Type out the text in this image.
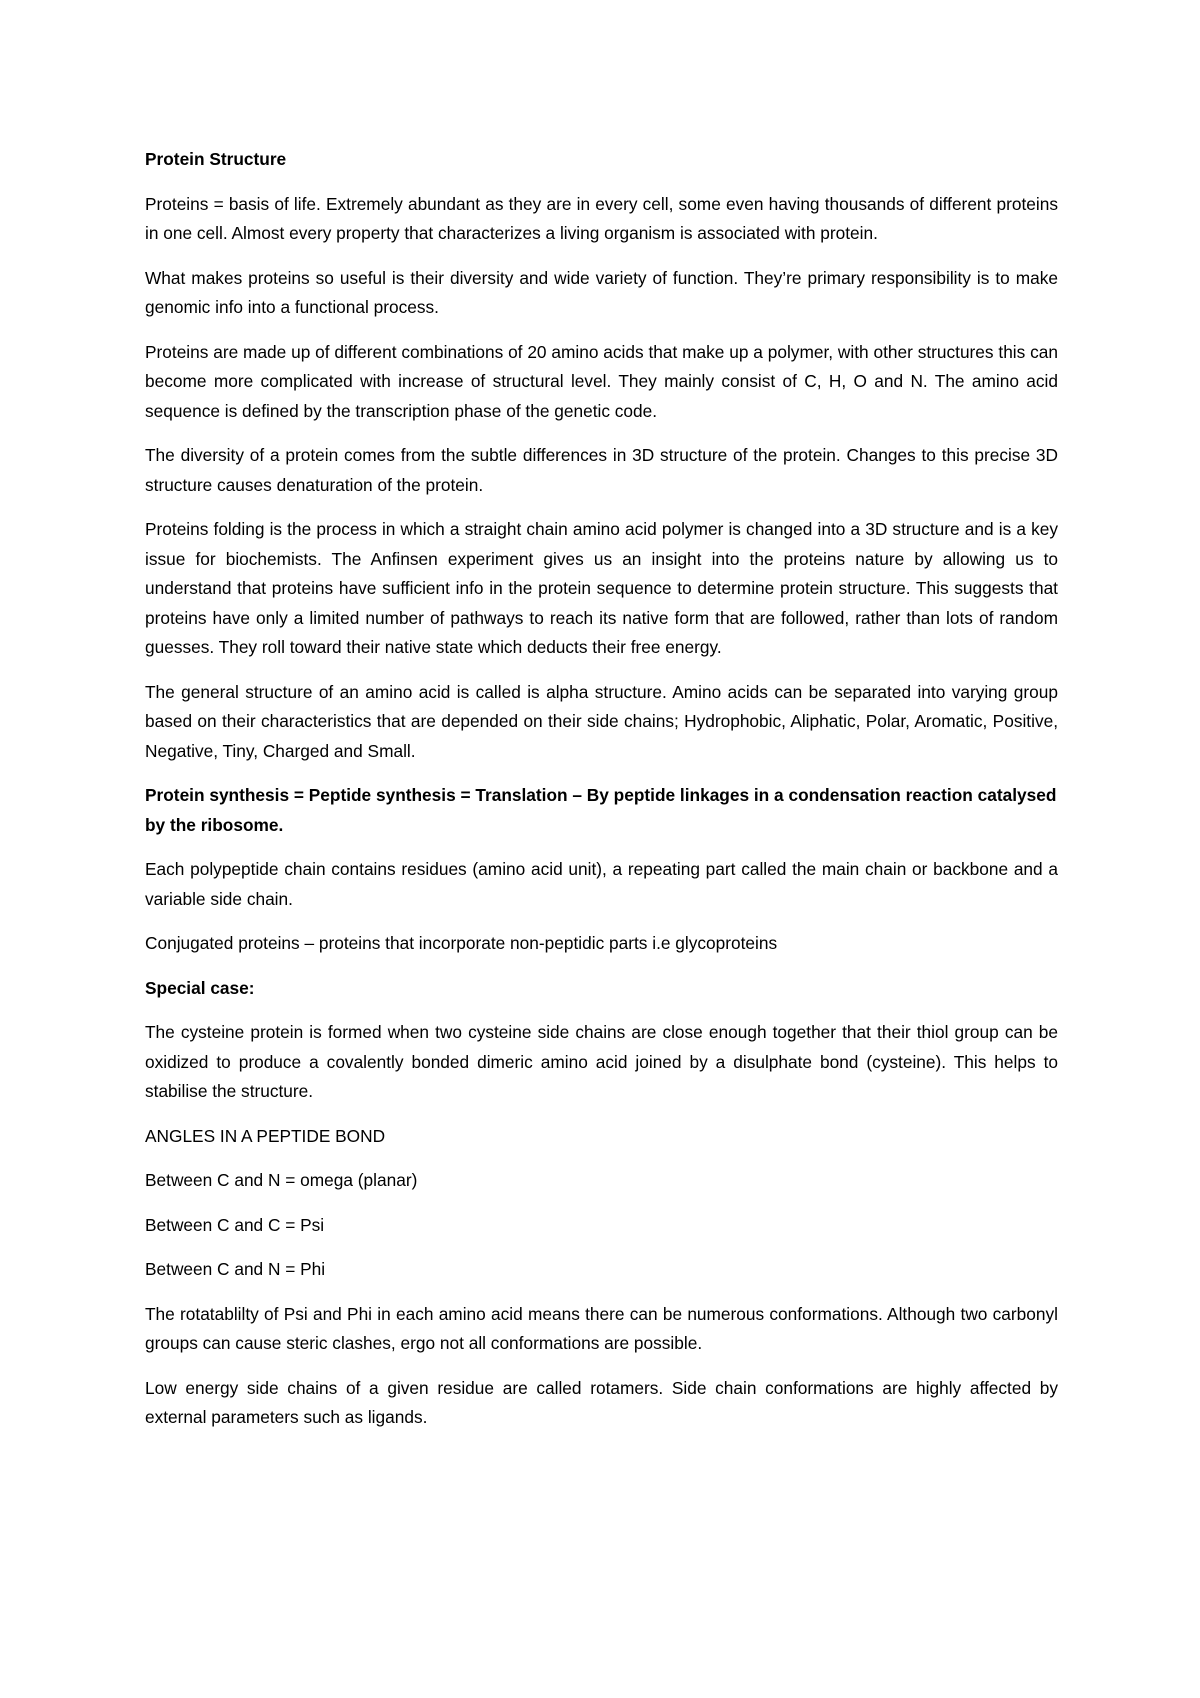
Protein Structure

Proteins = basis of life. Extremely abundant as they are in every cell, some even having thousands of different proteins in one cell. Almost every property that characterizes a living organism is associated with protein.

What makes proteins so useful is their diversity and wide variety of function. They’re primary responsibility is to make genomic info into a functional process.

Proteins are made up of different combinations of 20 amino acids that make up a polymer, with other structures this can become more complicated with increase of structural level. They mainly consist of C, H, O and N. The amino acid sequence is defined by the transcription phase of the genetic code.

The diversity of a protein comes from the subtle differences in 3D structure of the protein. Changes to this precise 3D structure causes denaturation of the protein.

Proteins folding is the process in which a straight chain amino acid polymer is changed into a 3D structure and is a key issue for biochemists. The Anfinsen experiment gives us an insight into the proteins nature by allowing us to understand that proteins have sufficient info in the protein sequence to determine protein structure. This suggests that proteins have only a limited number of pathways to reach its native form that are followed, rather than lots of random guesses. They roll toward their native state which deducts their free energy.

The general structure of an amino acid is called is alpha structure. Amino acids can be separated into varying group based on their characteristics that are depended on their side chains; Hydrophobic, Aliphatic, Polar, Aromatic, Positive, Negative, Tiny, Charged and Small.

Protein synthesis = Peptide synthesis = Translation – By peptide linkages in a condensation reaction catalysed by the ribosome.

Each polypeptide chain contains residues (amino acid unit), a repeating part called the main chain or backbone and a variable side chain.

Conjugated proteins – proteins that incorporate non-peptidic parts i.e glycoproteins

Special case:

The cysteine protein is formed when two cysteine side chains are close enough together that their thiol group can be oxidized to produce a covalently bonded dimeric amino acid joined by a disulphate bond (cysteine). This helps to stabilise the structure.

ANGLES IN A PEPTIDE BOND

Between C and N = omega (planar)

Between C and C = Psi

Between C and N = Phi

The rotatablilty of Psi and Phi in each amino acid means there can be numerous conformations. Although two carbonyl groups can cause steric clashes, ergo not all conformations are possible.

Low energy side chains of a given residue are called rotamers. Side chain conformations are highly affected by external parameters such as ligands.
